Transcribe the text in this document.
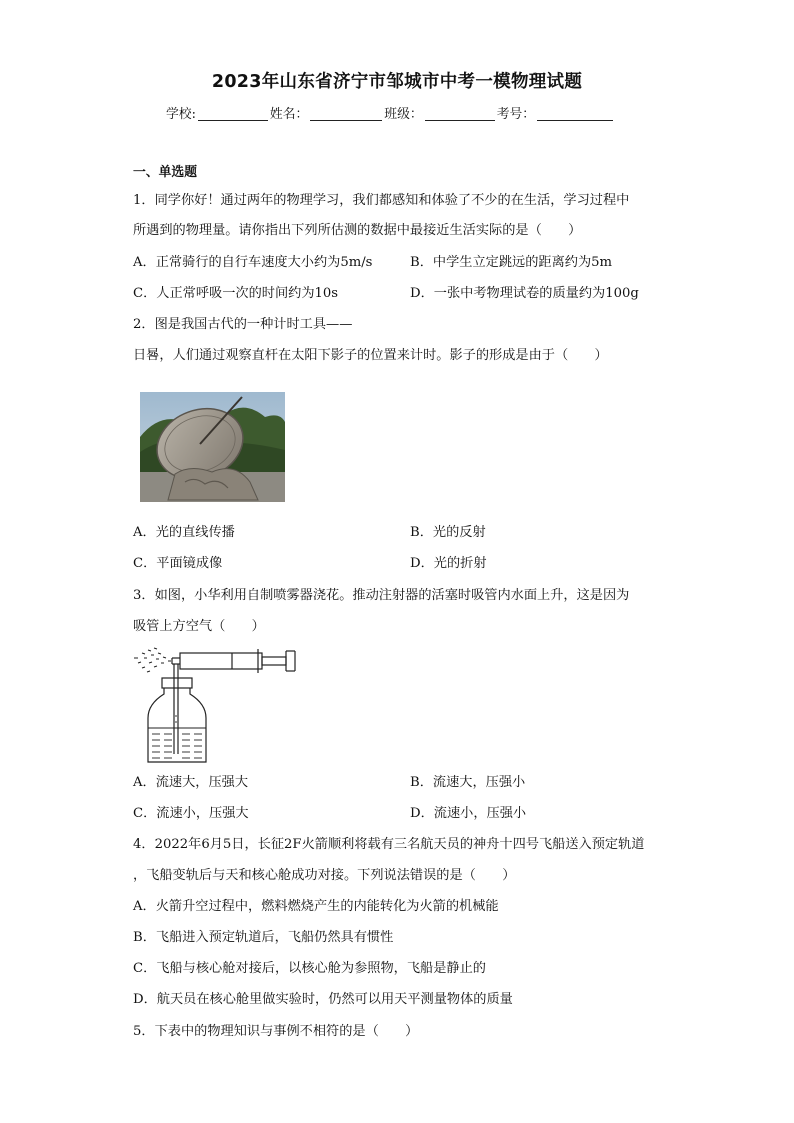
2023年山东省济宁市邹城市中考一模物理试题
学校:	姓名：	班级：	考号：
一、单选题
1．同学你好！通过两年的物理学习，我们都感知和体验了不少的在生活，学习过程中
所遇到的物理量。请你指出下列所估测的数据中最接近生活实际的是（　　）
A．正常骑行的自行车速度大小约为5m/s	B．中学生立定跳远的距离约为5m
C．人正常呼吸一次的时间约为10s	D．一张中考物理试卷的质量约为100g
2．图是我国古代的一种计时工具——
日晷，人们通过观察直杆在太阳下影子的位置来计时。影子的形成是由于（　　）
A．光的直线传播	B．光的反射
C．平面镜成像	D．光的折射
3．如图，小华利用自制喷雾器浇花。推动注射器的活塞时吸管内水面上升，这是因为
吸管上方空气（　　）
A．流速大，压强大	B．流速大，压强小
C．流速小，压强大	D．流速小，压强小
4．2022年6月5日，长征2F火箭顺利将载有三名航天员的神舟十四号飞船送入预定轨道
，飞船变轨后与天和核心舱成功对接。下列说法错误的是（　　）
A．火箭升空过程中，燃料燃烧产生的内能转化为火箭的机械能
B．飞船进入预定轨道后，飞船仍然具有惯性
C．飞船与核心舱对接后，以核心舱为参照物，飞船是静止的
D．航天员在核心舱里做实验时，仍然可以用天平测量物体的质量
5．下表中的物理知识与事例不相符的是（　　）
